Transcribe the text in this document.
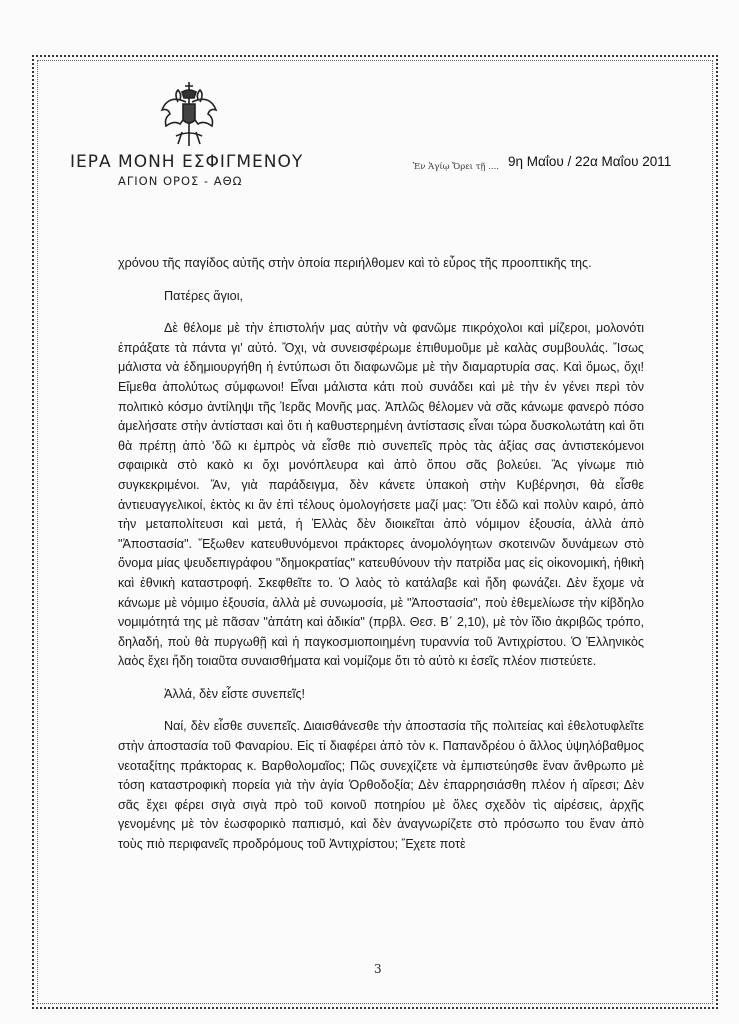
ΙΕΡΑ ΜΟΝΗ ΕΣΦΙΓΜΕΝΟΥ
ΑΓΙΟΝ ΟΡΟΣ - ΑΘΩ
Ἐν Ἁγίῳ Ὄρει τῇ .... 9η Μαΐου / 22α Μαΐου 2011

χρόνου τῆς παγίδος αὐτῆς στὴν ὁποία περιήλθομεν καὶ τὸ εὖρος τῆς προοπτικῆς της.

Πατέρες ἅγιοι,

Δὲ θέλομε μὲ τὴν ἐπιστολήν μας αὐτὴν νὰ φανῶμε πικρόχολοι καὶ μίζεροι, μολονότι ἐπράξατε τὰ πάντα γι' αὐτό. Ὄχι, νὰ συνεισφέρωμε ἐπιθυμοῦμε μὲ καλὰς συμβουλάς. Ἴσως μάλιστα νὰ ἐδημιουργήθη ἡ ἐντύπωσι ὅτι διαφωνῶμε μὲ τὴν διαμαρτυρία σας. Καὶ ὅμως, ὄχι! Εἴμεθα ἀπολύτως σύμφωνοι! Εἶναι μάλιστα κάτι ποὺ συνάδει καὶ μὲ τὴν ἐν γένει περὶ τὸν πολιτικὸ κόσμο ἀντίληψι τῆς Ἱερᾶς Μονῆς μας. Ἁπλῶς θέλομεν νὰ σᾶς κάνωμε φανερὸ πόσο ἀμελήσατε στὴν ἀντίστασι καὶ ὅτι ἡ καθυστερημένη ἀντίστασις εἶναι τώρα δυσκολωτάτη καὶ ὅτι θὰ πρέπῃ ἀπὸ 'δῶ κι ἐμπρὸς νὰ εἶσθε πιὸ συνεπεῖς πρὸς τὰς ἀξίας σας ἀντιστεκόμενοι σφαιρικὰ στὸ κακὸ κι ὄχι μονόπλευρα καὶ ἀπὸ ὅπου σᾶς βολεύει. Ἂς γίνωμε πιὸ συγκεκριμένοι. Ἄν, γιὰ παράδειγμα, δὲν κάνετε ὑπακοὴ στὴν Κυβέρνησι, θὰ εἶσθε ἀντιευαγγελικοί, ἐκτὸς κι ἂν ἐπὶ τέλους ὁμολογήσετε μαζί μας: Ὅτι ἐδῶ καὶ πολὺν καιρό, ἀπὸ τὴν μεταπολίτευσι καὶ μετά, ἡ Ἑλλὰς δὲν διοικεῖται ἀπὸ νόμιμον ἐξουσία, ἀλλὰ ἀπὸ "Ἀποστασία". Ἔξωθεν κατευθυνόμενοι πράκτορες ἀνομολόγητων σκοτεινῶν δυνάμεων στὸ ὄνομα μίας ψευδεπιγράφου "δημοκρατίας" κατευθύνουν τὴν πατρίδα μας εἰς οἰκονομική, ἠθικὴ καὶ ἐθνικὴ καταστροφή. Σκεφθεῖτε το. Ὁ λαὸς τὸ κατάλαβε καὶ ἤδη φωνάζει. Δὲν ἔχομε νὰ κάνωμε μὲ νόμιμο ἐξουσία, ἀλλὰ μὲ συνωμοσία, μὲ "Ἀποστασία", ποὺ ἐθεμελίωσε τὴν κίβδηλο νομιμότητά της μὲ πᾶσαν "ἀπάτη καὶ ἀδικία" (πρβλ. Θεσ. Β΄ 2,10), μὲ τὸν ἴδιο ἀκριβῶς τρόπο, δηλαδή, ποὺ θὰ πυργωθῇ καὶ ἡ παγκοσμιοποιημένη τυραννία τοῦ Ἀντιχρίστου. Ὁ Ἑλληνικὸς λαὸς ἔχει ἤδη τοιαῦτα συναισθήματα καὶ νομίζομε ὅτι τὸ αὐτὸ κι ἐσεῖς πλέον πιστεύετε.

Ἀλλά, δὲν εἶστε συνεπεῖς!

Ναί, δὲν εἶσθε συνεπεῖς. Διαισθάνεσθε τὴν ἀποστασία τῆς πολιτείας καὶ ἐθελοτυφλεῖτε στὴν ἀποστασία τοῦ Φαναρίου. Εἰς τί διαφέρει ἀπὸ τὸν κ. Παπανδρέου ὁ ἄλλος ὑψηλόβαθμος νεοταξίτης πράκτορας κ. Βαρθολομαῖος; Πῶς συνεχίζετε νὰ ἐμπιστεύησθε ἕναν ἄνθρωπο μὲ τόση καταστροφικὴ πορεία γιὰ τὴν ἁγία Ὀρθοδοξία; Δὲν ἐπαρρησιάσθη πλέον ἡ αἵρεσι; Δὲν σᾶς ἔχει φέρει σιγὰ σιγὰ πρὸ τοῦ κοινοῦ ποτηρίου μὲ ὅλες σχεδὸν τὶς αἱρέσεις, ἀρχῆς γενομένης μὲ τὸν ἐωσφορικὸ παπισμό, καὶ δὲν ἀναγνωρίζετε στὸ πρόσωπο του ἕναν ἀπὸ τοὺς πιὸ περιφανεῖς προδρόμους τοῦ Ἀντιχρίστου; Ἔχετε ποτὲ

3
